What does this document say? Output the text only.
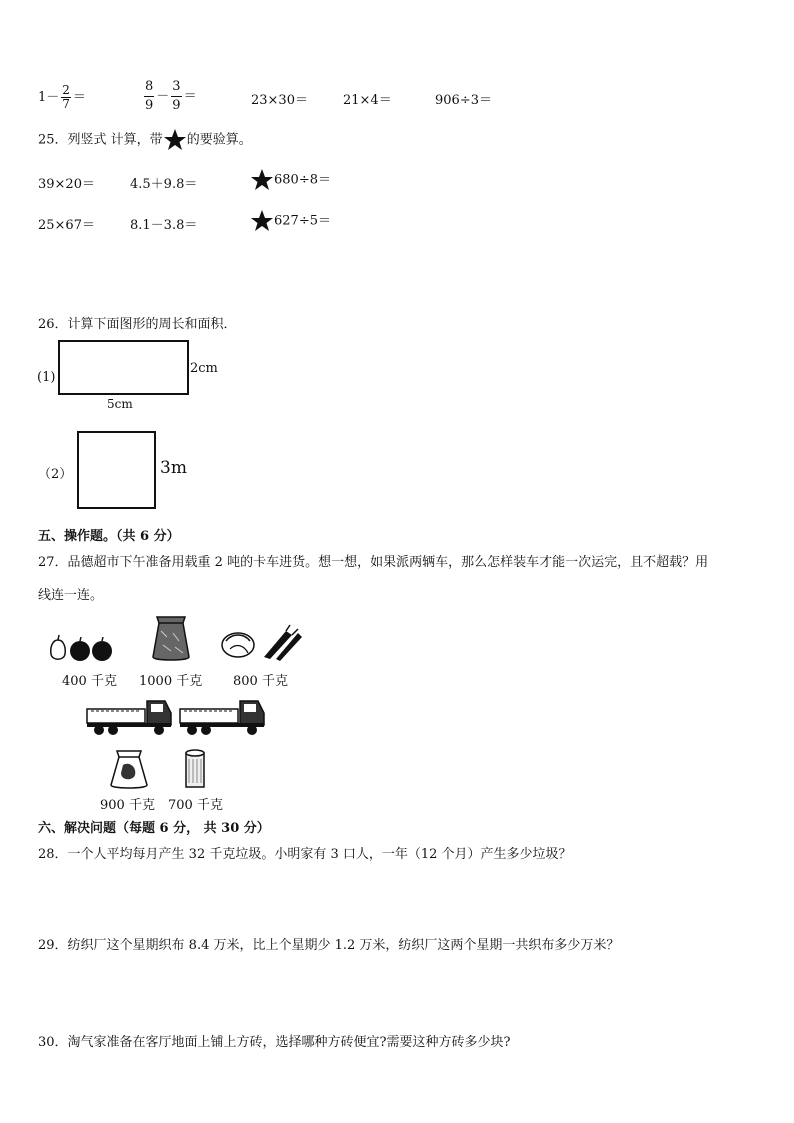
$1- \frac{2}{7}$ ＝	$\frac{8}{9} - \frac{3}{9}$ ＝	23×30＝	21×4＝	906÷3＝
25．列竖式 计算，带 的要验算。
39×20＝	4.5＋9.8＝	680÷8＝
25×67＝	8.1－3.8＝	627÷5＝
26．计算下面图形的周长和面积．
(1)
2cm
5cm
（2）	3m
五、操作题。（共 6 分）
27．品德超市下午准备用载重 2 吨的卡车进货。想一想，如果派两辆车，那么怎样装车才能一次运完，且不超载？用
线连一连。
400 千克 1000 千克 800 千克
900 千克 700 千克
六、解决问题（每题 6 分， 共 30 分）
28．一个人平均每月产生 32 千克垃圾。小明家有 3 口人，一年（12 个月）产生多少垃圾？
29．纺织厂这个星期织布 8.4 万米，比上个星期少 1.2 万米，纺织厂这两个星期一共织布多少万米？
30．淘气家准备在客厅地面上铺上方砖，选择哪种方砖便宜?需要这种方砖多少块?
